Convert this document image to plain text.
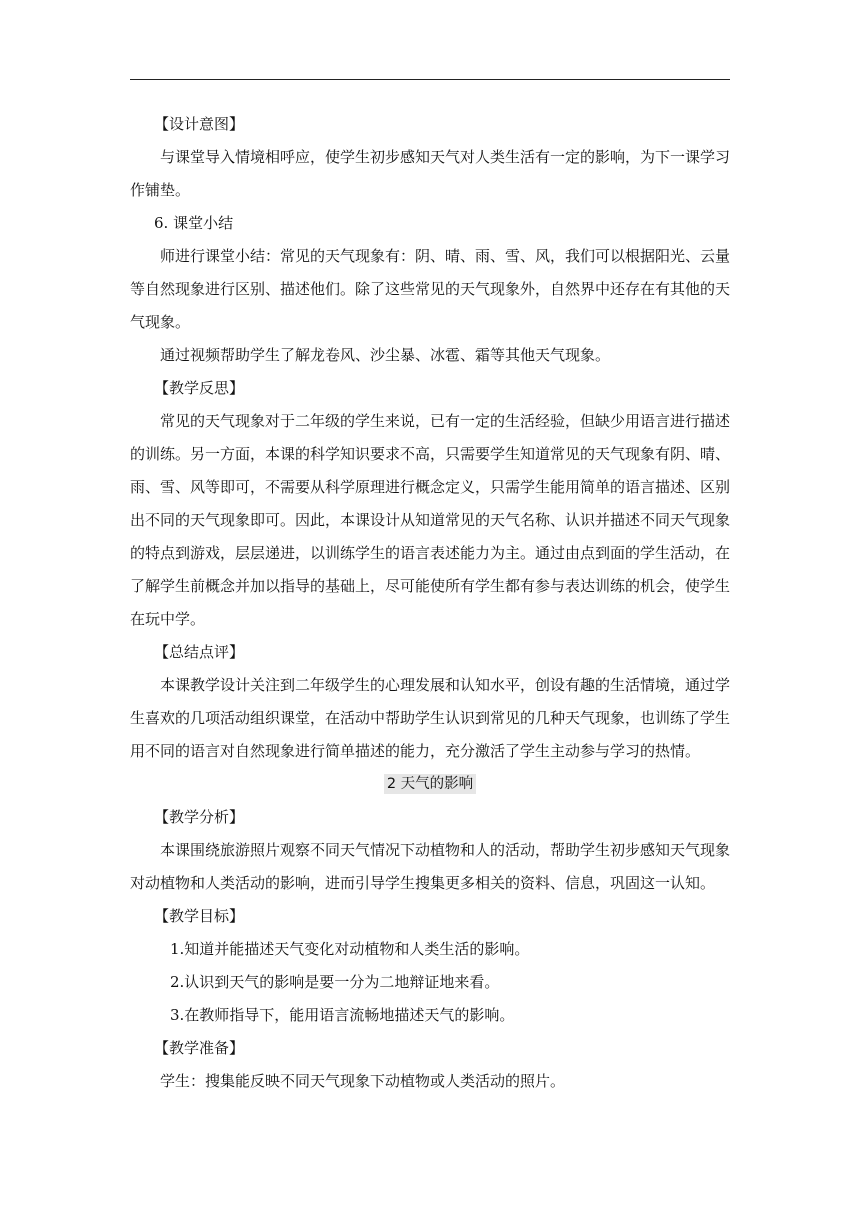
【设计意图】

与课堂导入情境相呼应，使学生初步感知天气对人类生活有一定的影响，为下一课学习作铺垫。

6. 课堂小结

师进行课堂小结：常见的天气现象有：阴、晴、雨、雪、风，我们可以根据阳光、云量等自然现象进行区别、描述他们。除了这些常见的天气现象外，自然界中还存在有其他的天气现象。

通过视频帮助学生了解龙卷风、沙尘暴、冰雹、霜等其他天气现象。

【教学反思】

常见的天气现象对于二年级的学生来说，已有一定的生活经验，但缺少用语言进行描述的训练。另一方面，本课的科学知识要求不高，只需要学生知道常见的天气现象有阴、晴、雨、雪、风等即可，不需要从科学原理进行概念定义，只需学生能用简单的语言描述、区别出不同的天气现象即可。因此，本课设计从知道常见的天气名称、认识并描述不同天气现象的特点到游戏，层层递进，以训练学生的语言表述能力为主。通过由点到面的学生活动，在了解学生前概念并加以指导的基础上，尽可能使所有学生都有参与表达训练的机会，使学生在玩中学。

【总结点评】

本课教学设计关注到二年级学生的心理发展和认知水平，创设有趣的生活情境，通过学生喜欢的几项活动组织课堂，在活动中帮助学生认识到常见的几种天气现象，也训练了学生用不同的语言对自然现象进行简单描述的能力，充分激活了学生主动参与学习的热情。

2 天气的影响

【教学分析】

本课围绕旅游照片观察不同天气情况下动植物和人的活动，帮助学生初步感知天气现象对动植物和人类活动的影响，进而引导学生搜集更多相关的资料、信息，巩固这一认知。

【教学目标】

1.知道并能描述天气变化对动植物和人类生活的影响。

2.认识到天气的影响是要一分为二地辩证地来看。

3.在教师指导下，能用语言流畅地描述天气的影响。

【教学准备】

学生：搜集能反映不同天气现象下动植物或人类活动的照片。
